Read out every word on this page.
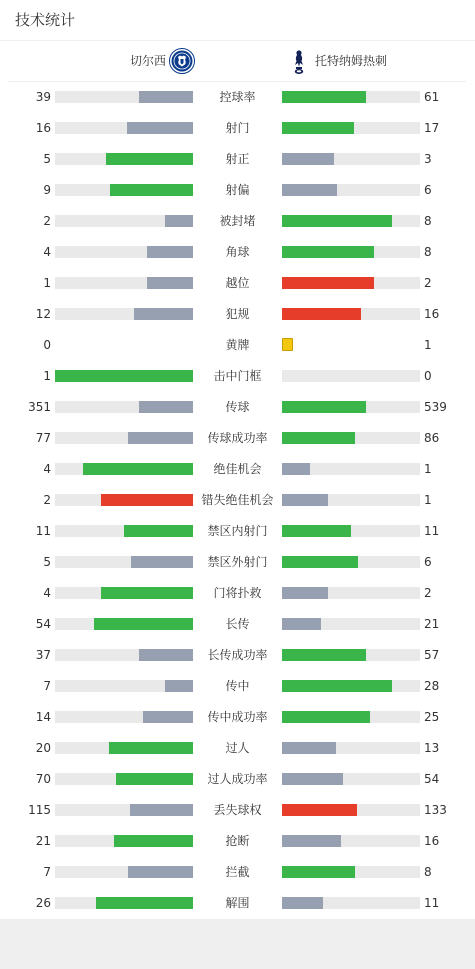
技术统计
切尔西	托特纳姆热刺
39	控球率	61
16	射门	17
5	射正	3
9	射偏	6
2	被封堵	8
4	角球	8
1	越位	2
12	犯规	16
0	黄牌	1
1	击中门框	0
351	传球	539
77	传球成功率	86
4	绝佳机会	1
2	错失绝佳机会	1
11	禁区内射门	11
5	禁区外射门	6
4	门将扑救	2
54	长传	21
37	长传成功率	57
7	传中	28
14	传中成功率	25
20	过人	13
70	过人成功率	54
115	丢失球权	133
21	抢断	16
7	拦截	8
26	解围	11
